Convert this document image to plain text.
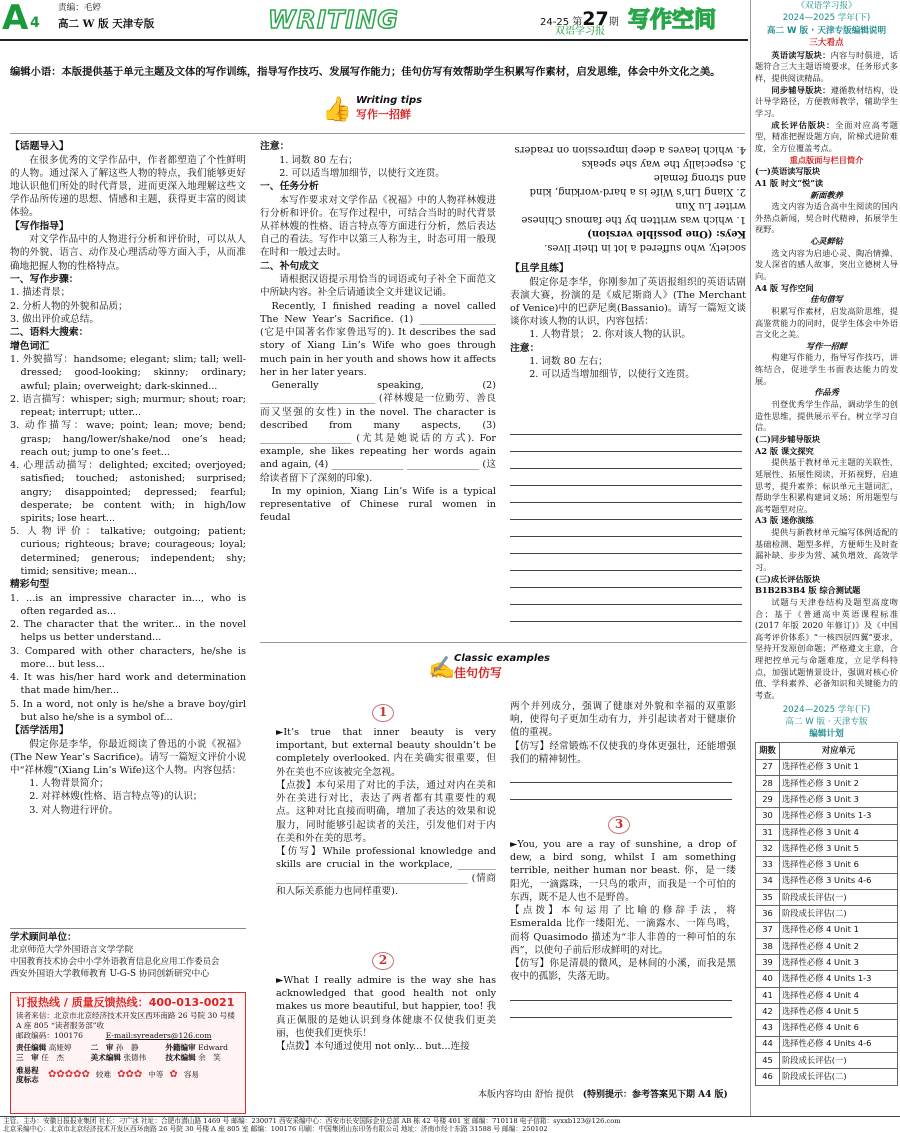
A 4
责编：毛婷
高二 W 版 天津专版	WRITING	24-25 第27期
双语学习报 写作空间
编辑小语：本版提供基于单元主题及文体的写作训练，指导写作技巧、发展写作能力；佳句仿写有效帮助学生积累写作素材，启发思维，体会中外文化之美。
👍 Writing tips
写作一招鲜

【话题导入】

在很多优秀的文学作品中，作者都塑造了个性鲜明的人物。通过深入了解这些人物的特点，我们能够更好地认识他们所处的时代背景，进而更深入地理解这些文学作品所传递的思想、情感和主题，获得更丰富的阅读体验。

【写作指导】

对文学作品中的人物进行分析和评价时，可以从人物的外貌、语言、动作及心理活动等方面入手，从而准确地把握人物的性格特点。

一、写作步骤：

1. 描述背景；

2. 分析人物的外貌和品质；

3. 做出评价或总结。

二、语料大搜索：

增色词汇

1. 外貌描写：handsome; elegant; slim; tall; well-dressed; good-looking; skinny; ordinary; awful; plain; overweight; dark-skinned...

2. 语言描写：whisper; sigh; murmur; shout; roar; repeat; interrupt; utter...

3. 动作描写：wave; point; lean; move; bend; grasp; hang/lower/shake/nod one’s head; reach out; jump to one’s feet...

4. 心理活动描写：delighted; excited; overjoyed; satisfied; touched; astonished; surprised; angry; disappointed; depressed; fearful; desperate; be content with; in high/low spirits; lose heart...

5. 人物评价：talkative; outgoing; patient; curious; righteous; brave; courageous; loyal; determined; generous; independent; shy; timid; sensitive; mean...

精彩句型

1. ...is an impressive character in..., who is often regarded as...

2. The character that the writer... in the novel helps us better understand...

3. Compared with other characters, he/she is more... but less...

4. It was his/her hard work and determination that made him/her...

5. In a word, not only is he/she a brave boy/girl but also he/she is a symbol of...

【活学活用】

假定你是李华，你最近阅读了鲁迅的小说《祝福》(The New Year’s Sacrifice)。请写一篇短文评价小说中“祥林嫂”(Xiang Lin’s Wife)这个人物。内容包括：

1. 人物背景简介；

2. 对祥林嫂(性格、语言特点等)的认识；

3. 对人物进行评价。

学术顾问单位：
北京师范大学外国语言文学学院
中国教育技术协会中小学外语教育信息化应用工作委员会
西安外国语大学教师教育 U-G-S 协同创新研究中心
订报热线 / 质量反馈热线：400-013-0021
读者来信：北京市北京经济技术开发区西环南路 26 号院 30 号楼 A 座 805 “读者服务部”收
邮政编码：100176　　　	E-mail:syreaders@126.com
责任编辑 高娅婷	二　审 孙　静	外籍编审 Edward
三　审 任　杰	美术编辑 张德伟	技术编辑 余　笑
难易程度标志 ✿✿✿✿✿ 较难 ✿✿✿ 中等 ✿ 容易

注意：

1. 词数 80 左右；

2. 可以适当增加细节，以使行文连贯。

一、任务分析

本写作要求对文学作品《祝福》中的人物祥林嫂进行分析和评价。在写作过程中，可结合当时的时代背景从祥林嫂的性格、语言特点等方面进行分析，然后表达自己的看法。写作中以第三人称为主，时态可用一般现在时和一般过去时。

二、补句成文

请根据汉语提示用恰当的词语或句子补全下面范文中所缺内容。补全后请通读全文并建议记诵。

Recently, I finished reading a novel called The New Year’s Sacrifice. (1) ________________ (它是中国著名作家鲁迅写的). It describes the sad story of Xiang Lin’s Wife who goes through much pain in her youth and shows how it affects her in her later years.

Generally speaking, (2) ________________________ (祥林嫂是一位勤劳、善良而又坚强的女性) in the novel. The character is described from many aspects, (3) ___________________ (尤其是她说话的方式). For example, she likes repeating her words again and again, (4) _______________ _______________ (这给读者留下了深刻的印象).

In my opinion, Xiang Lin’s Wife is a typical representative of Chinese rural women in feudal

society, who suffered a lot in their lives.

Keys: (One possible version)

1. which was written by the famous Chinese writer Lu Xun

2. Xiang Lin’s Wife is a hard-working, kind and strong female

3. especially the way she speaks

4. which leaves a deep impression on readers

【且学且练】

假定你是李华，你刚参加了英语报组织的英语话剧表演大赛，扮演的是《威尼斯商人》(The Merchant of Venice)中的巴萨尼奥(Bassanio)。请写一篇短文谈谈你对该人物的认识，内容包括：

1. 人物背景； 2. 你对该人物的认识。

注意：

1. 词数 80 左右；

2. 可以适当增加细节，以使行文连贯。

✍
Classic examples
佳句仿写
1

►It’s true that inner beauty is very important, but external beauty shouldn’t be completely overlooked. 内在美确实很重要，但外在美也不应该被完全忽视。

【点拨】本句采用了对比的手法，通过对内在美和外在美进行对比，表达了两者都有其重要性的观点。这种对比直接而明确，增加了表达的效果和说服力，同时能够引起读者的关注，引发他们对于内在美和外在美的思考。

【仿写】While professional knowledge and skills are crucial in the workplace, ________ ________________________________________ (情商和人际关系能力也同样重要).

2

►What I really admire is the way she has acknowledged that good health not only makes us more beautiful, but happier, too! 我真正佩服的是她认识到身体健康不仅使我们更美丽，也使我们更快乐！

【点拨】本句通过使用 not only... but...连接

两个并列成分，强调了健康对外貌和幸福的双重影响，使得句子更加生动有力，并引起读者对于健康价值的重视。

【仿写】经常锻炼不仅使我的身体更强壮，还能增强我们的精神韧性。

3

►You, you are a ray of sunshine, a drop of dew, a bird song, whilst I am something terrible, neither human nor beast. 你，是一缕阳光，一滴露珠，一只鸟的歌声，而我是一个可怕的东西，既不是人也不是野兽。

【点拨】本句运用了比喻的修辞手法，将 Esmeralda 比作一缕阳光、一滴露水、一阵鸟鸣，而将 Quasimodo 描述为“非人非兽的一种可怕的东西”，以使句子前后形成鲜明的对比。

【仿写】你是清晨的微风，是林间的小溪，而我是黑夜中的孤影，失落无助。

本版内容均由 舒怡 提供　 (特别提示：参考答案见下期 A4 版)
《双语学习报》
2024—2025 学年(下)
高二 W 版 · 天津专版编辑说明
三大看点
英语读写版块：内容与时俱进，话题符合三大主题语境要求，任务形式多样，提供阅读精品。
同步辅导版块：遵循教材结构，设计导学路径，方便教师教学，辅助学生学习。
成长评估版块：全面对应高考题型，精准把握设题方向，阶梯式进阶难度，全方位覆盖考点。
重点版面与栏目简介
(一)英语读写版块
A1 版 时文“悦”读
新面教养
选文内容为适合高中生阅读的国内外热点新闻，契合时代精神，拓展学生视野。
心灵鲜钻
选文内容为启迪心灵、陶冶情操、发人深省的感人故事，突出立德树人导向。
A4 版 写作空间
佳句借写
积累写作素材，启发高阶思维，提高鉴赏能力的同时，促学生体会中外语言文化之美。
写作一招鲜
构建写作能力，指导写作技巧，讲练结合，促进学生书面表达能力的发展。
作品秀
刊登优秀学生作品，调动学生的创造性思维，提供展示平台，树立学习自信。
(二)同步辅导版块
A2 版 课文探究
提供基于教材单元主题的关联性、延展性、拓展性阅读，开拓视野，启迪思考，提升素养；标识单元主题词汇，帮助学生积累构建词义场；所用题型与高考题型对应。
A3 版 迷你演练
提供与新教材单元编写体例适配的基础检测、题型多样，方便师生及时查漏补缺、步步为营、减负增效、高效学习。
(三)成长评估版块
B1B2B3B4 版 综合测试题
试题与天津卷结构及题型高度吻合；基于《普通高中英语课程标准(2017 年版 2020 年修订)》及《中国高考评价体系》“一核四层四翼”要求，坚持开发原创命题；严格遵文主意，合理把控单元与命题难度，立足学科特点，加强试题情景设计，强调对核心价值、学科素养、必备知识和关键能力的考查。
2024—2025 学年(下)
高二 W 版 · 天津专版
编辑计划
期数	对应单元
27	选择性必修 3 Unit 1
28	选择性必修 3 Unit 2
29	选择性必修 3 Unit 3
30	选择性必修 3 Units 1-3
31	选择性必修 3 Unit 4
32	选择性必修 3 Unit 5
33	选择性必修 3 Unit 6
34	选择性必修 3 Units 4-6
35	阶段成长评估(一)
36	阶段成长评估(二)
37	选择性必修 4 Unit 1
38	选择性必修 4 Unit 2
39	选择性必修 4 Unit 3
40	选择性必修 4 Units 1-3
41	选择性必修 4 Unit 4
42	选择性必修 4 Unit 5
43	选择性必修 4 Unit 6
44	选择性必修 4 Units 4-6
45	阶段成长评估(一)
46	阶段成长评估(二)
主管、主办：安徽日报报业集团 社长：刁广冰 社址：合肥市潜山路 1469 号 邮编：230071 西安采编中心：西安市长安国际企业总部 AB 栋 42 号楼 401 室 邮编：710118 电子信箱：syxxb123@126.com
北京采编中心：北京市北京经济技术开发区西环南路 26 号院 30 号楼 A 座 805 室 邮编：100176 印刷：中国集团山东印务有限公司 地址：济南市经十东路 31588 号 邮编：250102
